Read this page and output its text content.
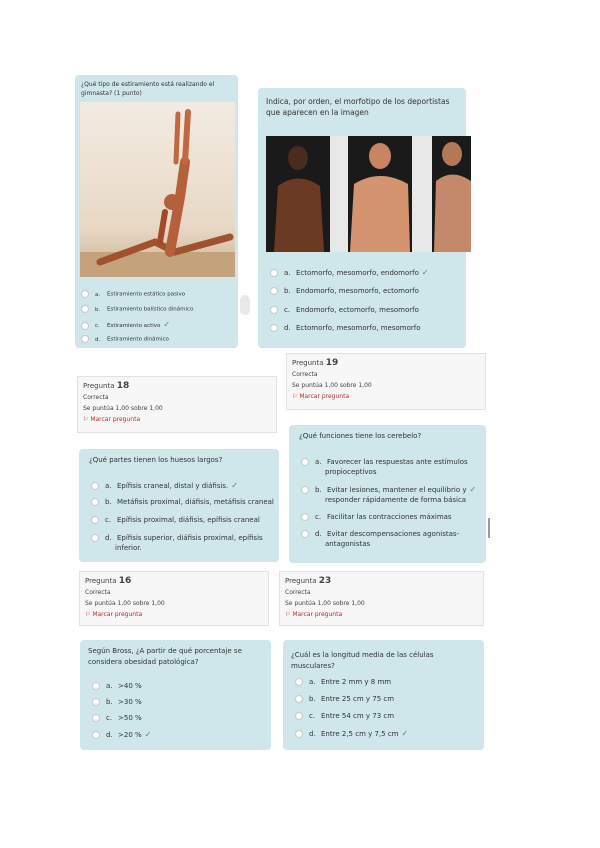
¿Qué tipo de estiramiento está realizando el gimnasta? (1 punto)
a. Estiramiento estático pasivo
b. Estiramiento balístico dinámico
c. Estiramiento activo ✓
d. Estiramiento dinámico
Indica, por orden, el morfotipo de los deportistas que aparecen en la imagen
a. Ectomorfo, mesomorfo, endomorfo ✓
b. Endomorfo, mesomorfo, ectomorfo
c. Endomorfo, ectomorfo, mesomorfo
d. Ectomorfo, mesomorfo, mesomorfo
Pregunta 19
Correcta
Se puntúa 1,00 sobre 1,00
⚐ Marcar pregunta
Pregunta 18
Correcta
Se puntúa 1,00 sobre 1,00
⚐ Marcar pregunta
¿Qué funciones tiene los cerebelo?
a. Favorecer las respuestas ante estímulos
propioceptivos
b. Evitar lesiones, mantener el equilibrio y ✓
responder rápidamente de forma básica
c. Facilitar las contracciones máximas
d. Evitar descompensaciones agonistas-
antagonistas
¿Qué partes tienen los huesos largos?
a. Epífisis craneal, distal y diáfisis. ✓
b. Metáfisis proximal, diáfisis, metáfisis craneal
c. Epífisis proximal, diáfisis, epífisis craneal
d. Epífisis superior, diáfisis proximal, epífisis
inferior.
Pregunta 16
Correcta
Se puntúa 1,00 sobre 1,00
⚐ Marcar pregunta
Pregunta 23
Correcta
Se puntúa 1,00 sobre 1,00
⚐ Marcar pregunta
Según Bross, ¿A partir de qué porcentaje se considera obesidad patológica?
a. >40 %
b. >30 %
c. >50 %
d. >20 % ✓
¿Cuál es la longitud media de las células musculares?
a. Entre 2 mm y 8 mm
b. Entre 25 cm y 75 cm
c. Entre 54 cm y 73 cm
d. Entre 2,5 cm y 7,5 cm ✓
